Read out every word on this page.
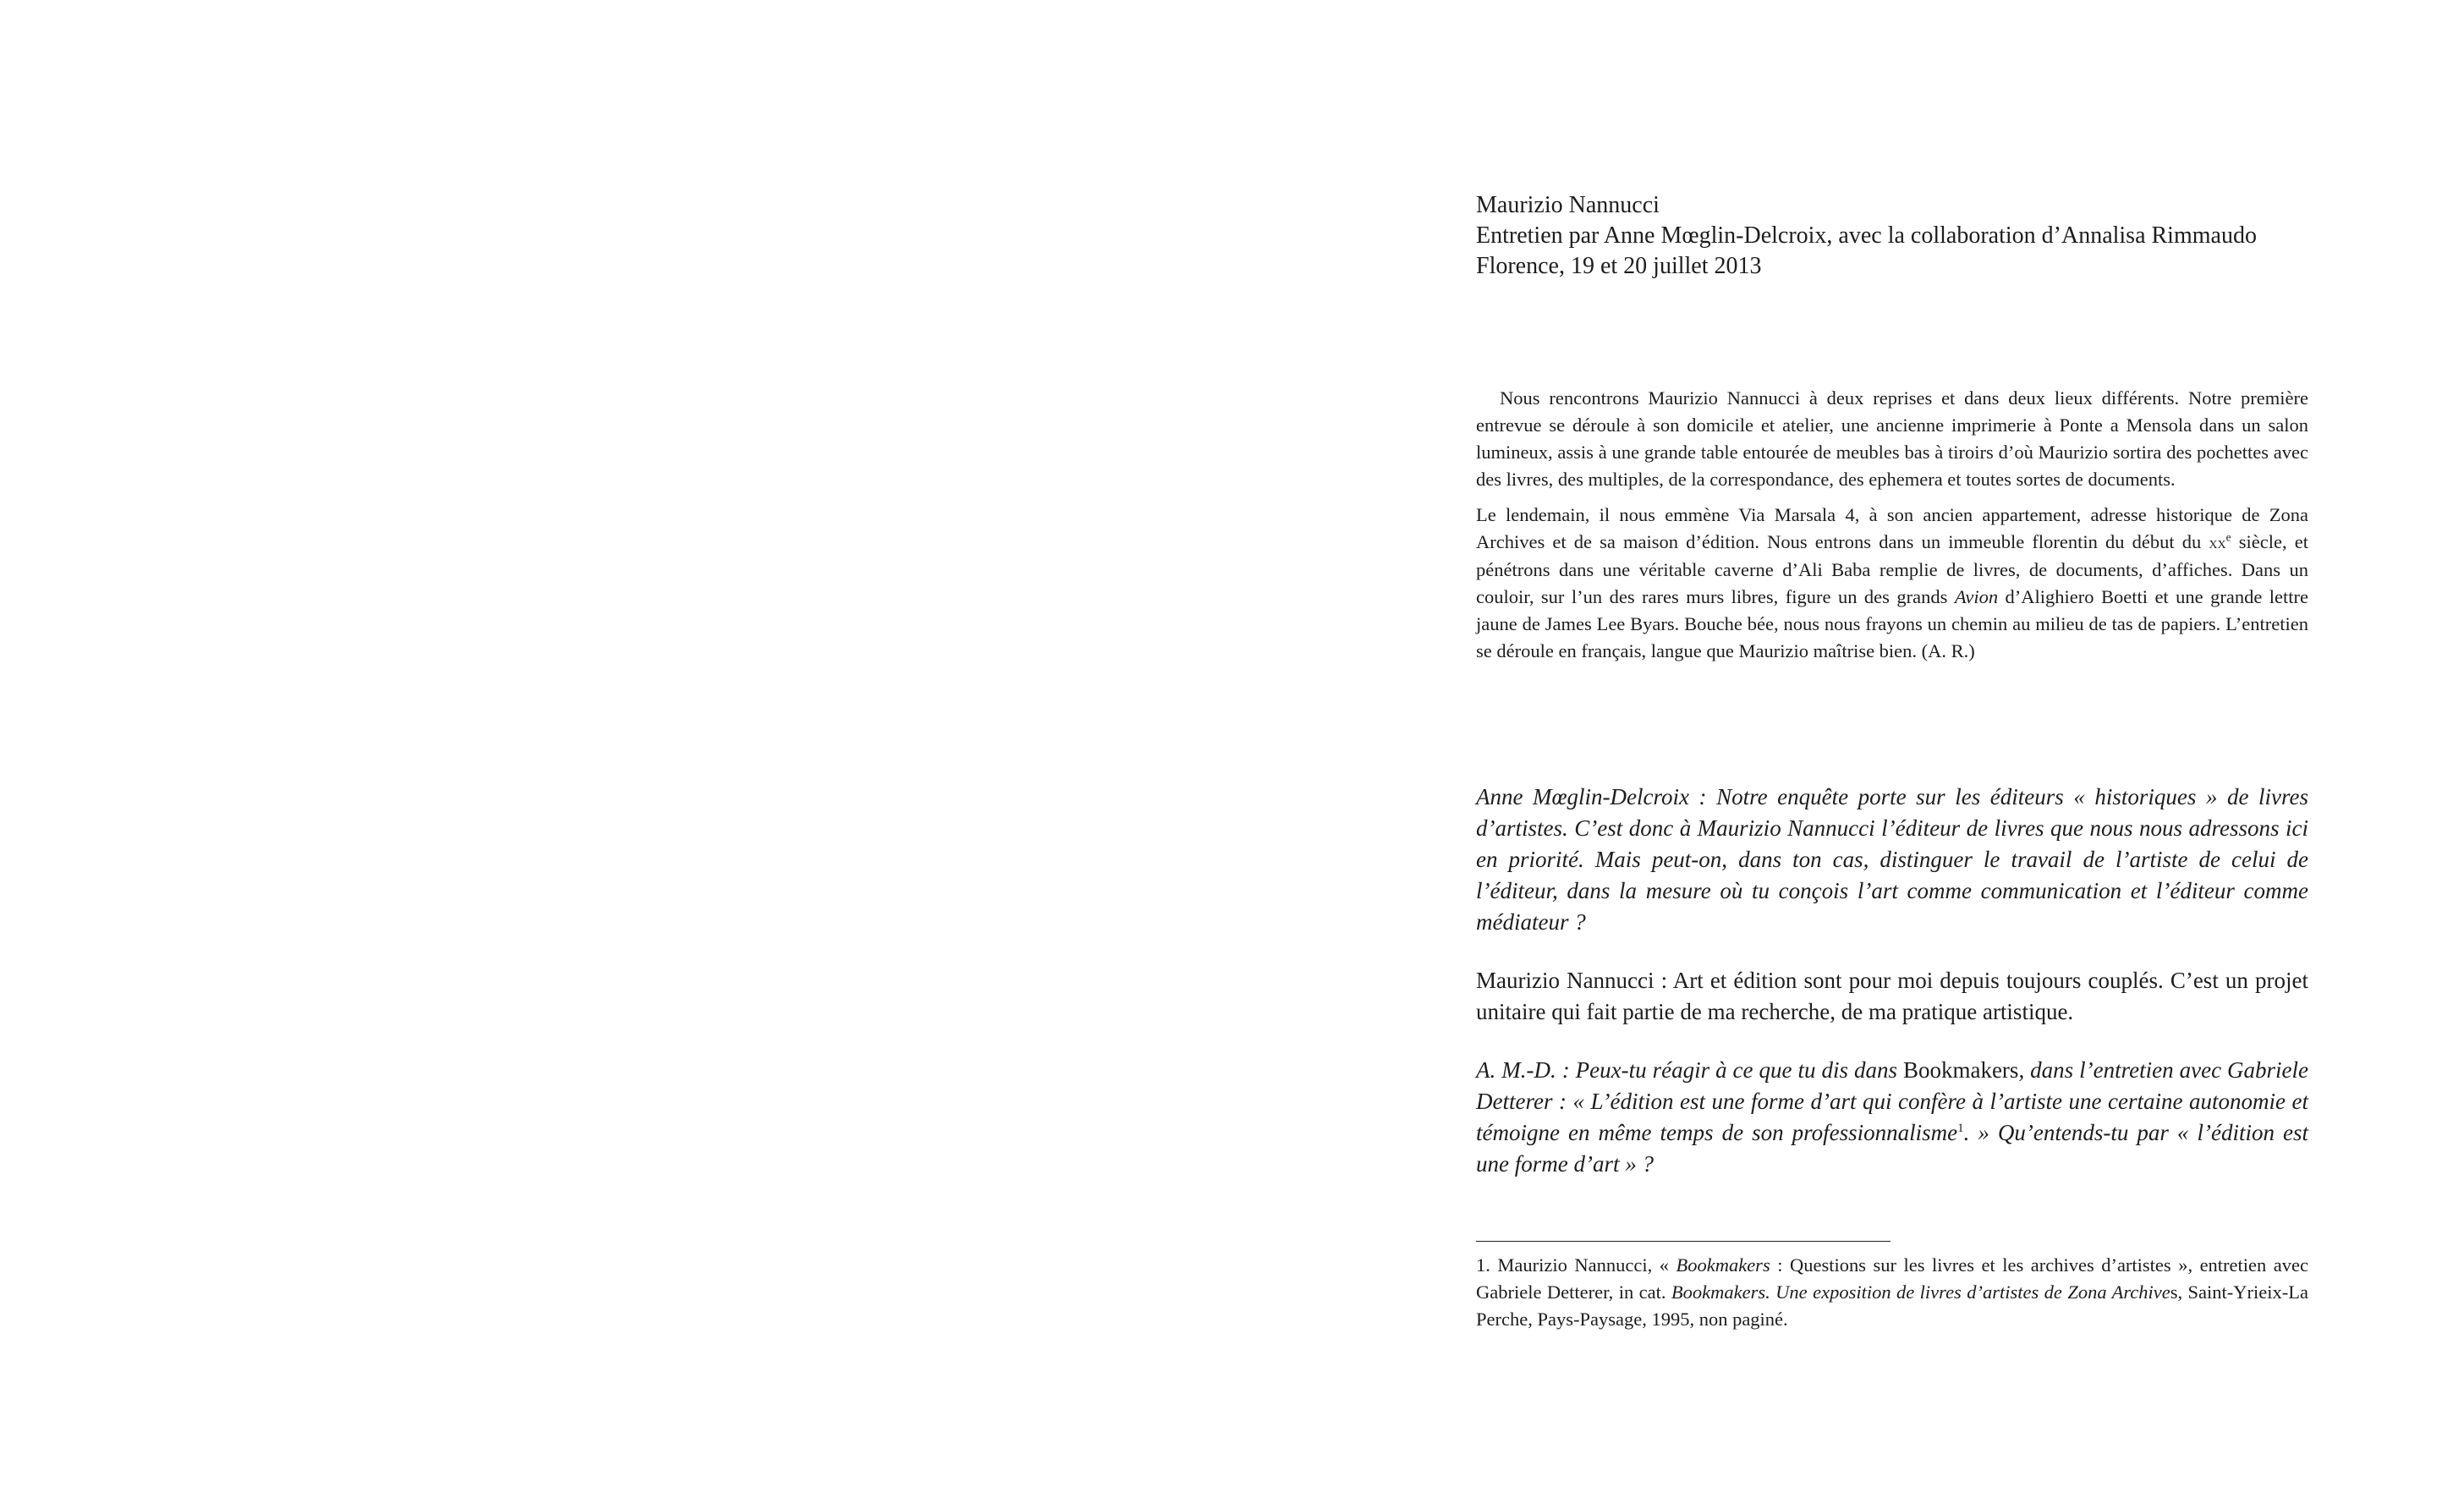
Maurizio Nannucci
Entretien par Anne Mœglin-Delcroix, avec la collaboration d’Annalisa Rimmaudo
Florence, 19 et 20 juillet 2013

Nous rencontrons Maurizio Nannucci à deux reprises et dans deux lieux différents. Notre première entrevue se déroule à son domicile et atelier, une ancienne imprimerie à Ponte a Mensola dans un salon lumineux, assis à une grande table entourée de meubles bas à tiroirs d’où Maurizio sortira des pochettes avec des livres, des multiples, de la correspondance, des ephemera et toutes sortes de documents.

Le lendemain, il nous emmène Via Marsala 4, à son ancien appartement, adresse historique de Zona Archives et de sa maison d’édition. Nous entrons dans un immeuble florentin du début du $xx^e$ siècle, et pénétrons dans une véritable caverne d’Ali Baba remplie de livres, de documents, d’affiches. Dans un couloir, sur l’un des rares murs libres, figure un des grands Avion d’Alighiero Boetti et une grande lettre jaune de James Lee Byars. Bouche bée, nous nous frayons un chemin au milieu de tas de papiers. L’entretien se déroule en français, langue que Maurizio maîtrise bien. (A. R.)

Anne Mœglin-Delcroix : Notre enquête porte sur les éditeurs « historiques » de livres d’artistes. C’est donc à Maurizio Nannucci l’éditeur de livres que nous nous adressons ici en priorité. Mais peut-on, dans ton cas, distinguer le travail de l’artiste de celui de l’éditeur, dans la mesure où tu conçois l’art comme communication et l’éditeur comme médiateur ?

Maurizio Nannucci : Art et édition sont pour moi depuis toujours couplés. C’est un projet unitaire qui fait partie de ma recherche, de ma pratique artistique.

A. M.-D. : Peux-tu réagir à ce que tu dis dans Bookmakers, dans l’entretien avec Gabriele Detterer : « L’édition est une forme d’art qui confère à l’artiste une certaine autonomie et témoigne en même temps de son professionnalisme$^1$. » Qu’entends-tu par « l’édition est une forme d’art » ?

1. Maurizio Nannucci, « Bookmakers : Questions sur les livres et les archives d’artistes », entretien avec Gabriele Detterer, in cat. Bookmakers. Une exposition de livres d’artistes de Zona Archives, Saint-Yrieix-La Perche, Pays-Paysage, 1995, non paginé.
